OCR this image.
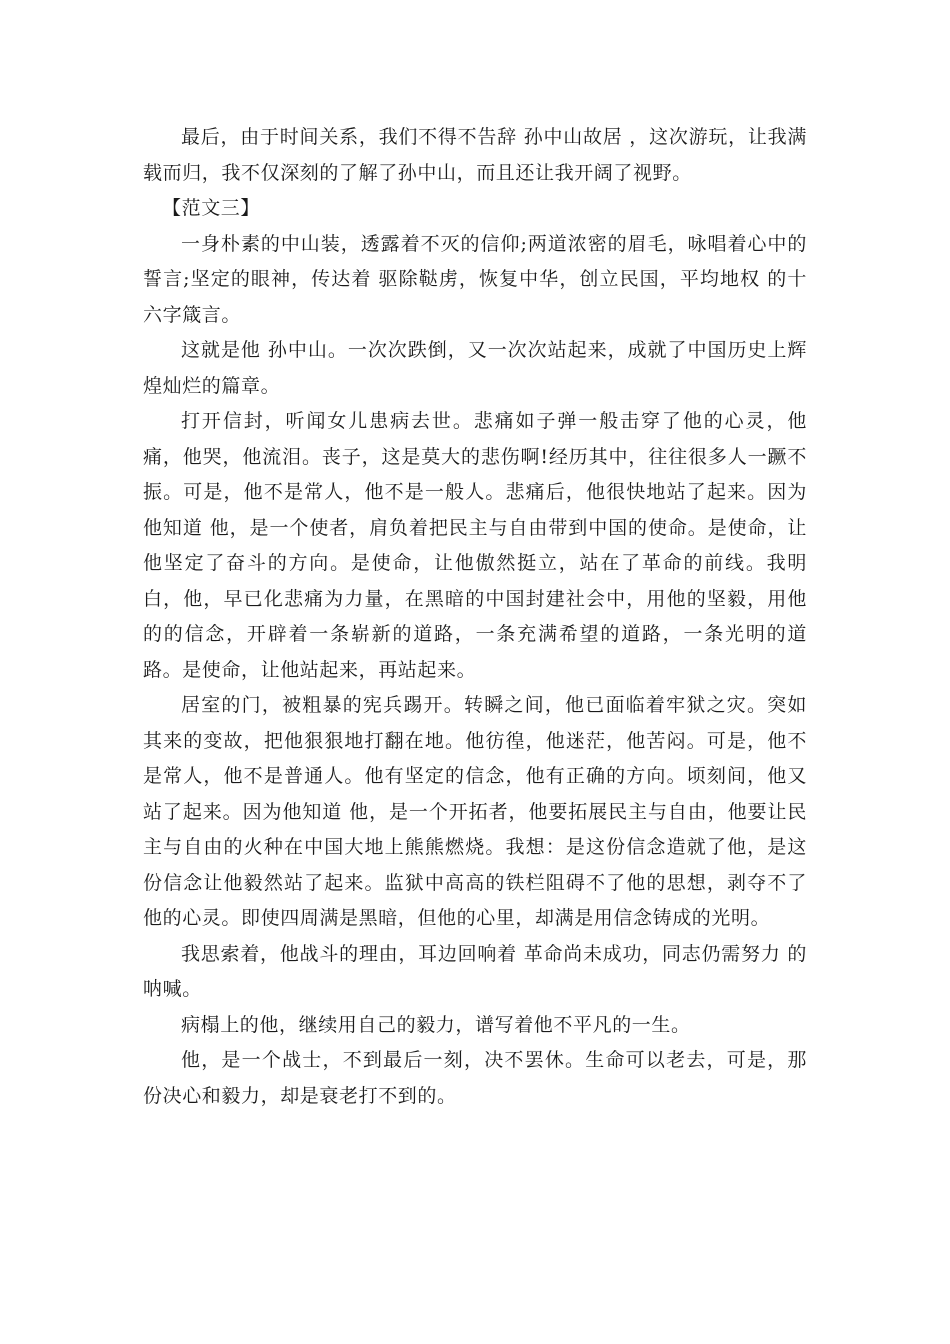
最后，由于时间关系，我们不得不告辞 孙中山故居 ，这次游玩，让我满载而归，我不仅深刻的了解了孙中山，而且还让我开阔了视野。

【范文三】

一身朴素的中山装，透露着不灭的信仰;两道浓密的眉毛，咏唱着心中的誓言;坚定的眼神，传达着 驱除鞑虏，恢复中华，创立民国，平均地权 的十六字箴言。

这就是他 孙中山。一次次跌倒，又一次次站起来，成就了中国历史上辉煌灿烂的篇章。

打开信封，听闻女儿患病去世。悲痛如子弹一般击穿了他的心灵，他痛，他哭，他流泪。丧子，这是莫大的悲伤啊!经历其中，往往很多人一蹶不振。可是，他不是常人，他不是一般人。悲痛后，他很快地站了起来。因为他知道 他，是一个使者，肩负着把民主与自由带到中国的使命。是使命，让他坚定了奋斗的方向。是使命，让他傲然挺立，站在了革命的前线。我明白，他，早已化悲痛为力量，在黑暗的中国封建社会中，用他的坚毅，用他的的信念，开辟着一条崭新的道路，一条充满希望的道路，一条光明的道路。是使命，让他站起来，再站起来。

居室的门，被粗暴的宪兵踢开。转瞬之间，他已面临着牢狱之灾。突如其来的变故，把他狠狠地打翻在地。他彷徨，他迷茫，他苦闷。可是，他不是常人，他不是普通人。他有坚定的信念，他有正确的方向。顷刻间，他又站了起来。因为他知道 他，是一个开拓者，他要拓展民主与自由，他要让民主与自由的火种在中国大地上熊熊燃烧。我想：是这份信念造就了他，是这份信念让他毅然站了起来。监狱中高高的铁栏阻碍不了他的思想，剥夺不了他的心灵。即使四周满是黑暗，但他的心里，却满是用信念铸成的光明。

我思索着，他战斗的理由，耳边回响着 革命尚未成功，同志仍需努力 的呐喊。

病榻上的他，继续用自己的毅力，谱写着他不平凡的一生。

他，是一个战士，不到最后一刻，决不罢休。生命可以老去，可是，那份决心和毅力，却是衰老打不到的。
